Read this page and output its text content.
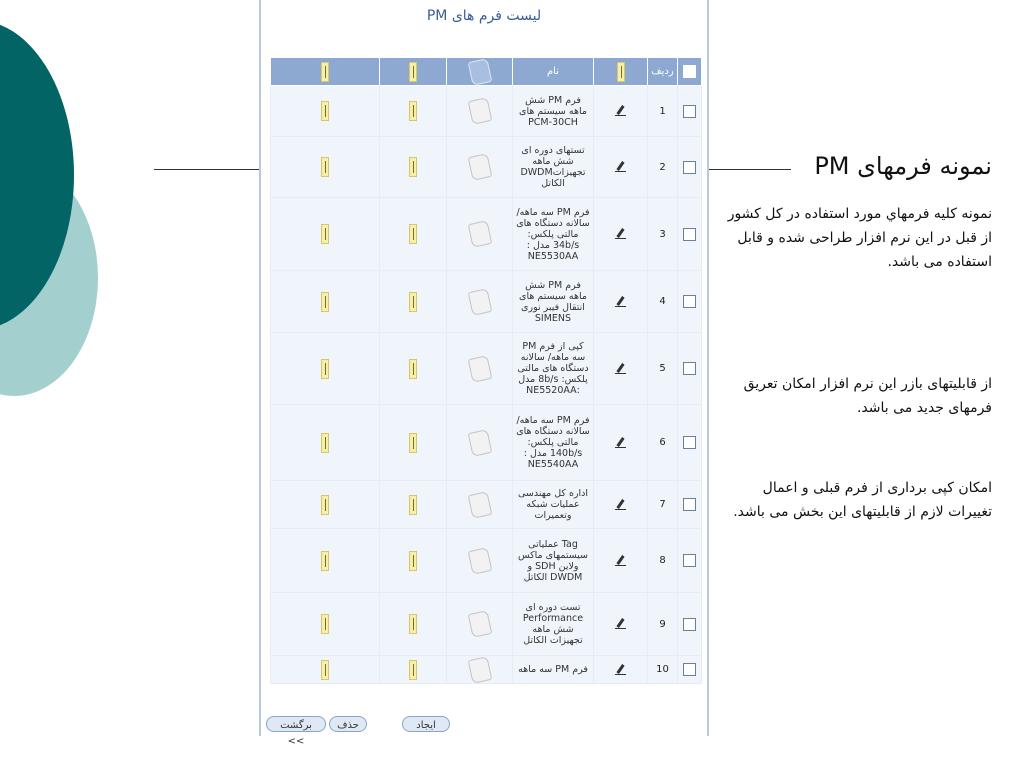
PM لیست فرم های
	ردیف		نام			
	1		فرم PM شش ماهه سیستم های PCM-30CH			
	2		تستهای دوره ای شش ماهه تجهیزاتDWDM الکاتل			
	3		فرم PM سه ماهه/ سالانه دستگاه های مالتی پلکس: 34b/s مدل : NE5530AA			
	4		فرم PM شش ماهه سیستم های انتقال فیبر نوری SIMENS			
	5		کپی از فرم PM سه ماهه/ سالانه دستگاه های مالتی پلکس: 8b/s مدل :NE5520AA			
	6		فرم PM سه ماهه/ سالانه دستگاه های مالتی پلکس: 140b/s مدل : NE5540AA			
	7		اداره کل مهندسی عملیات شبکه وتعمیرات			
	8		Tag عملیاتی سیستمهای ماکس ولاین SDH و DWDM الکاتل			
	9		تست دوره ای Performance شش ماهه تجهیزات الکاتل			
	10		فرم PM سه ماهه			
ایجاد
حذف
برگشت >>
نمونه فرمهای PM
نمونه کلیه فرمهاي مورد استفاده در کل کشور از قبل در این نرم افزار طراحی شده و قابل استفاده می باشد.
از قابلیتهای بازر این نرم افزار امکان تعریق فرمهای جدید می باشد.
امکان کپی برداری از فرم قبلی و اعمال تغییرات لازم از قابلیتهای این بخش می باشد.
